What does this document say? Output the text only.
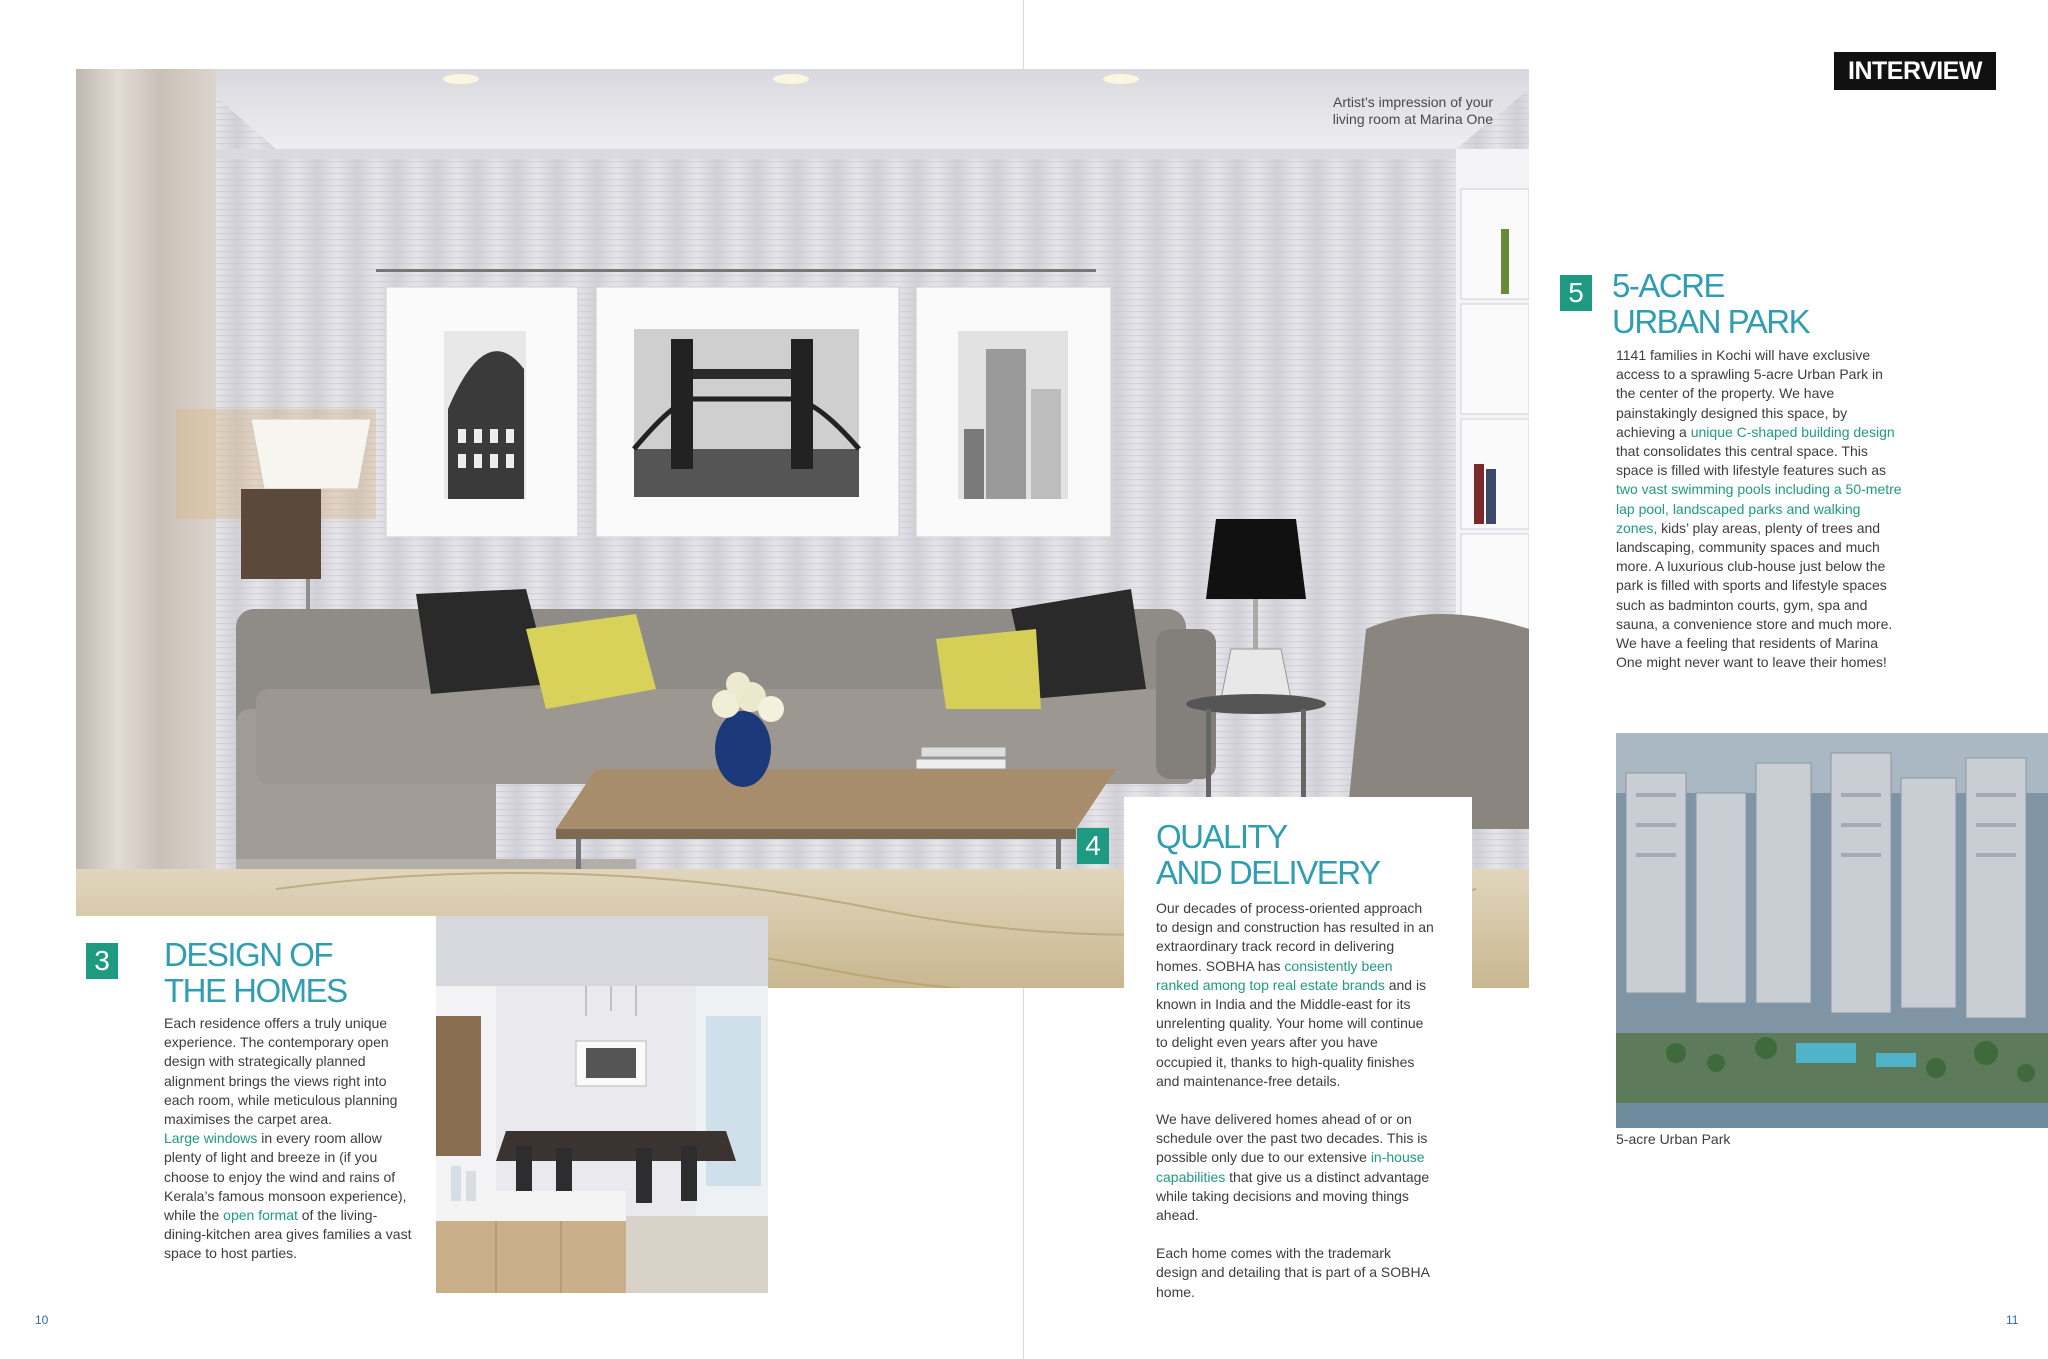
Artist’s impression of your
living room at Marina One
3 DESIGN OF
THE HOMES

Each residence offers a truly unique experience. The contemporary open design with strategically planned alignment brings the views right into each room, while meticulous planning maximises the carpet area.

Large windows in every room allow plenty of light and breeze in (if you choose to enjoy the wind and rains of Kerala’s famous monsoon experience), while the open format of the living-dining-kitchen area gives families a vast space to host parties.

4 QUALITY
AND DELIVERY

Our decades of process-oriented approach to design and construction has resulted in an extraordinary track record in delivering homes. SOBHA has consistently been ranked among top real estate brands and is known in India and the Middle-east for its unrelenting quality. Your home will continue to delight even years after you have occupied it, thanks to high-quality finishes and maintenance-free details.

We have delivered homes ahead of or on schedule over the past two decades. This is possible only due to our extensive in-house capabilities that give us a distinct advantage while taking decisions and moving things ahead.

Each home comes with the trademark design and detailing that is part of a SOBHA home.

INTERVIEW
5 5-ACRE
URBAN PARK

1141 families in Kochi will have exclusive access to a sprawling 5-acre Urban Park in the center of the property. We have painstakingly designed this space, by achieving a unique C-shaped building design that consolidates this central space. This space is filled with lifestyle features such as two vast swimming pools including a 50-metre lap pool, landscaped parks and walking zones, kids’ play areas, plenty of trees and landscaping, community spaces and much more. A luxurious club-house just below the park is filled with sports and lifestyle spaces such as badminton courts, gym, spa and sauna, a convenience store and much more. We have a feeling that residents of Marina One might never want to leave their homes!

5-acre Urban Park
10	11
